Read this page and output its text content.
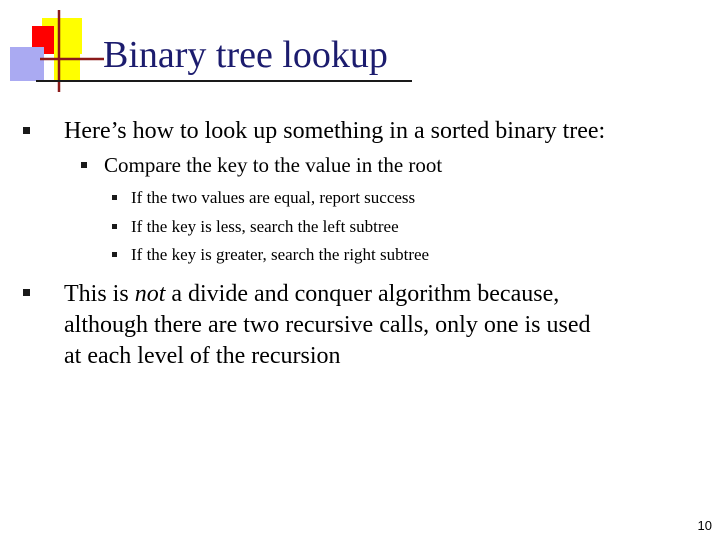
Binary tree lookup
Here’s how to look up something in a sorted binary tree:
Compare the key to the value in the root
If the two values are equal, report success
If the key is less, search the left subtree
If the key is greater, search the right subtree
This is not a divide and conquer algorithm because,
although there are two recursive calls, only one is used
at each level of the recursion
10
